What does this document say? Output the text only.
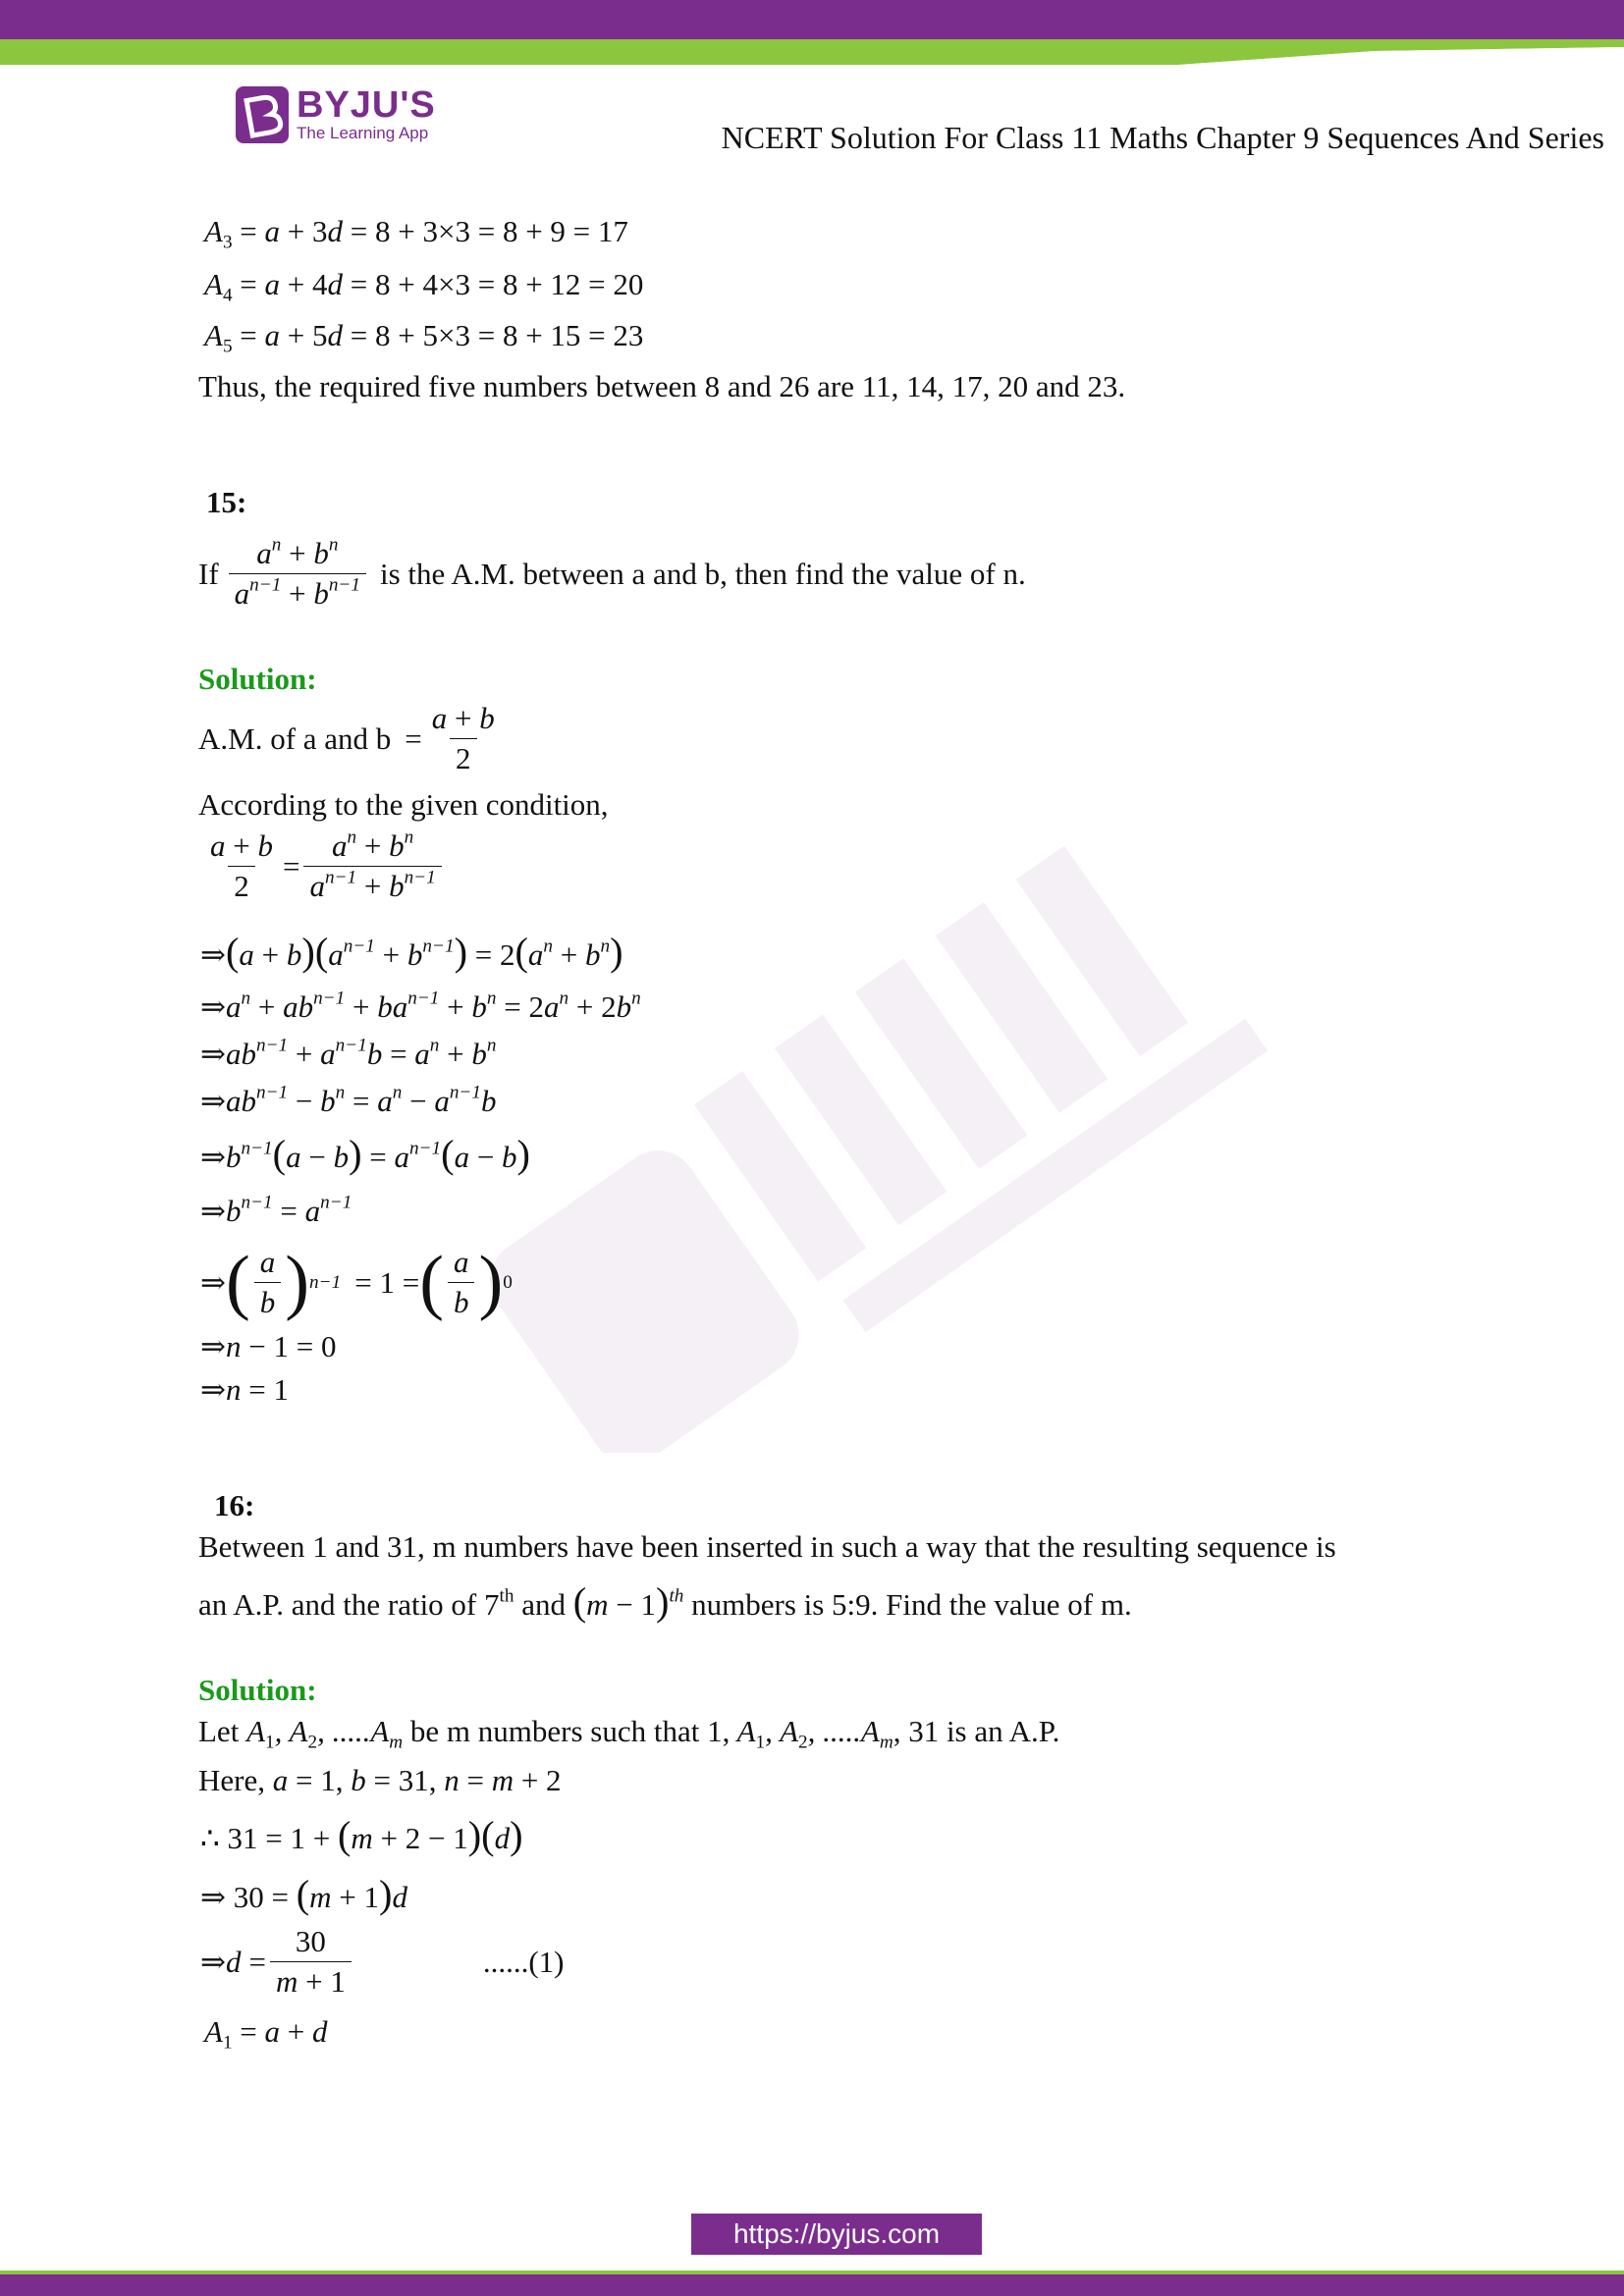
BYJU'S
The Learning App	NCERT Solution For Class 11 Maths Chapter 9 Sequences And Series
$A_3 = a + 3d = 8 + 3\times 3 = 8 + 9 = 17$
$A_4 = a + 4d = 8 + 4\times 3 = 8 + 12 = 20$
$A_5 = a + 5d = 8 + 5\times 3 = 8 + 15 = 23$
Thus, the required five numbers between 8 and 26 are 11, 14, 17, 20 and 23.
15:
If $\frac{a^n + b^n}{a^{n-1} + b^{n-1}}$ is the A.M. between a and b, then find the value of n.
Solution:
A.M. of a and $b = \frac{a + b}{2}$
According to the given condition,
$\frac{a + b}{2} = \frac{a^n + b^n}{a^{n-1} + b^{n-1}}$
⇒(a + $b)(a^{n-1} + b^{n-1}) = 2(a^n + b^n)$
$\Rightarrow a^n + ab^{n-1} + ba^{n-1} + b^n = 2a^n + 2b^n$
$\Rightarrow ab^{n-1} + a^{n-1}b = a^n + b^n$
$\Rightarrow ab^{n-1} - b^n = a^n - a^{n-1}b$
$\Rightarrow b^{n-1}(a - b) = a^{n-1}(a - b)$
$\Rightarrow b^{n-1} = a^{n-1}$
⇒ ( $\frac{a}{b}$ ) n−1 = 1 = ( $\frac{a}{b}$ ) 0
⇒n − 1 = 0
⇒n = 1
16:
Between 1 and 31, m numbers have been inserted in such a way that the resulting sequence is
an A.P. and the ratio of 7th and $(m - 1)^{th}$ numbers is 5:9. Find the value of m.
Solution:
Let $A_1$, $A_2$, $.....A_m$ be m numbers such that 1, $A_1$, $A_2$, $.....A_m$, 31 is an A.P.
Here, a = 1, b = 31, n = m + 2
∴ 31 = 1 + (m + 2 − 1)(d)
⇒ 30 = (m + 1)d
⇒ $d = \frac{30}{m + 1}$	......(1)
$A_1 = a + d$
https://byjus.com
